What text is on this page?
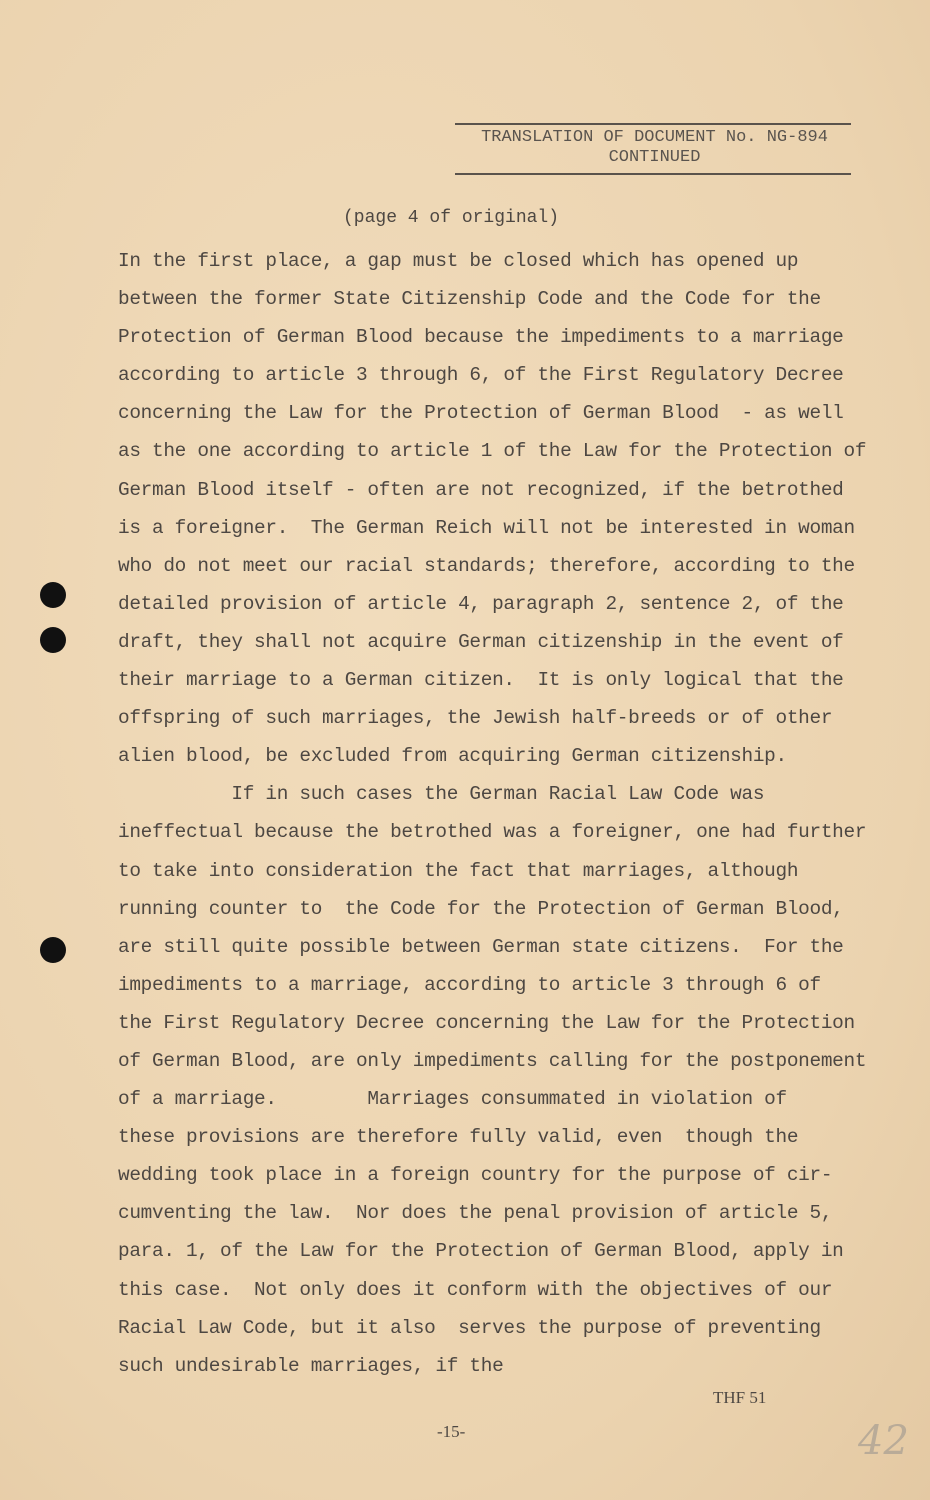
TRANSLATION OF DOCUMENT No. NG-894
CONTINUED
(page 4 of original)
In the first place, a gap must be closed which has opened up
between the former State Citizenship Code and the Code for the
Protection of German Blood because the impediments to a marriage
according to article 3 through 6, of the First Regulatory Decree
concerning the Law for the Protection of German Blood  - as well
as the one according to article 1 of the Law for the Protection of
German Blood itself - often are not recognized, if the betrothed
is a foreigner.  The German Reich will not be interested in woman
who do not meet our racial standards; therefore, according to the
detailed provision of article 4, paragraph 2, sentence 2, of the
draft, they shall not acquire German citizenship in the event of
their marriage to a German citizen.  It is only logical that the
offspring of such marriages, the Jewish half-breeds or of other
alien blood, be excluded from acquiring German citizenship.
If in such cases the German Racial Law Code was
ineffectual because the betrothed was a foreigner, one had further
to take into consideration the fact that marriages, although
running counter to  the Code for the Protection of German Blood,
are still quite possible between German state citizens.  For the
impediments to a marriage, according to article 3 through 6 of
the First Regulatory Decree concerning the Law for the Protection
of German Blood, are only impediments calling for the postponement
of a marriage.        Marriages consummated in violation of
these provisions are therefore fully valid, even  though the
wedding took place in a foreign country for the purpose of cir-
cumventing the law.  Nor does the penal provision of article 5,
para. 1, of the Law for the Protection of German Blood, apply in
this case.  Not only does it conform with the objectives of our
Racial Law Code, but it also  serves the purpose of preventing
such undesirable marriages, if the
THF 51
-15-	42
